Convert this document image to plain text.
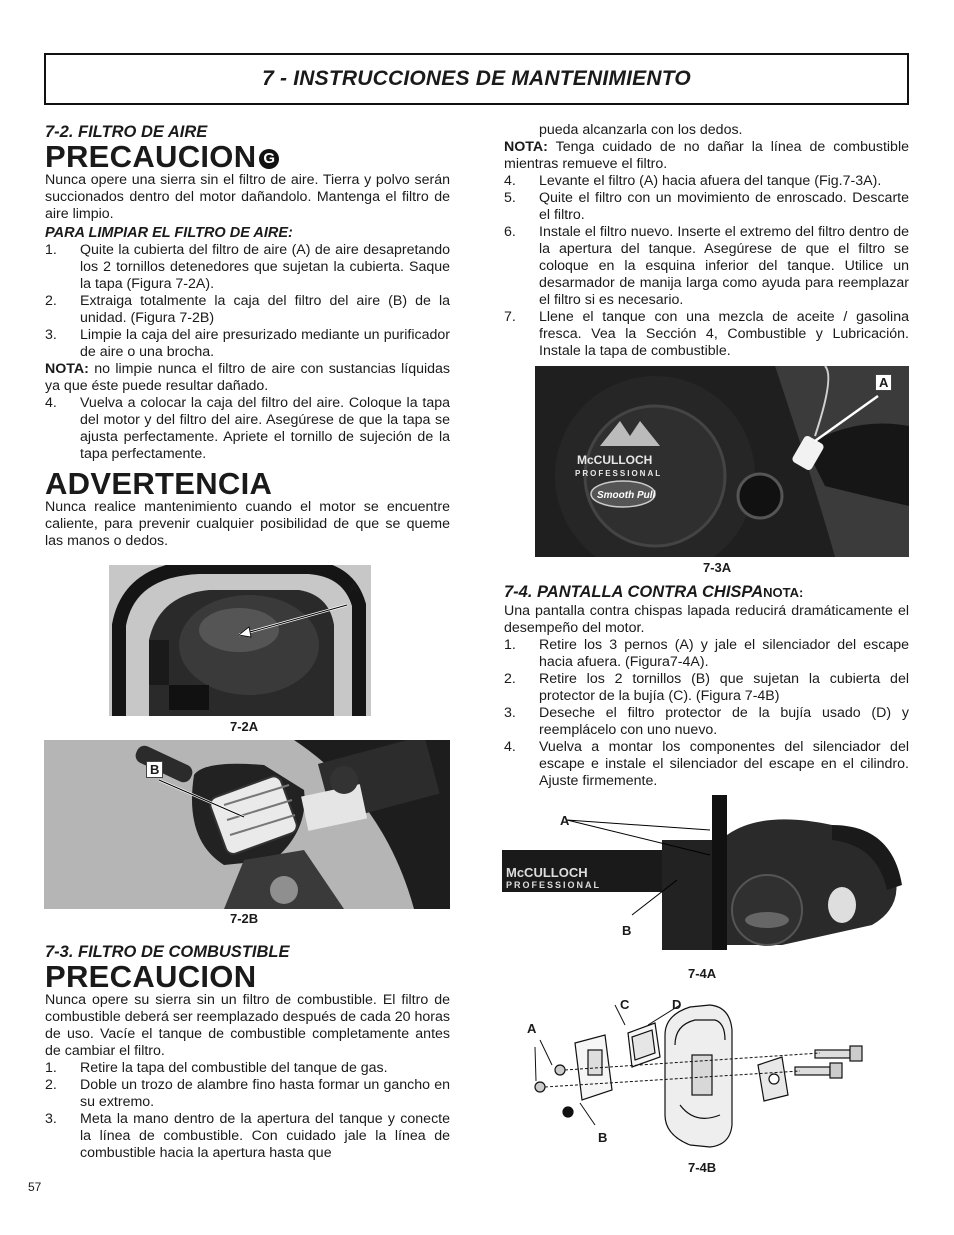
7 - INSTRUCCIONES DE MANTENIMIENTO
7-2. FILTRO DE AIRE
PRECAUCION G

Nunca opere una sierra sin el filtro de aire. Tierra y polvo serán succionados dentro del motor dañandolo. Mantenga el filtro de aire limpio.

PARA LIMPIAR EL FILTRO DE AIRE:
1.	Quite la cubierta del filtro de aire (A) de aire desapretando los 2 tornillos detenedores que sujetan la cubierta. Saque la tapa (Figura 7-2A).
2.	Extraiga totalmente la caja del filtro del aire (B) de la unidad. (Figura 7-2B)
3.	Limpie la caja del aire presurizado mediante un purificador de aire o una brocha.

NOTA: no limpie nunca el filtro de aire con sustancias líquidas ya que éste puede resultar dañado.

4.	Vuelva a colocar la caja del filtro del aire. Coloque la tapa del motor y del filtro del aire. Asegúrese de que la tapa se ajusta perfectamente. Apriete el tornillo de sujeción de la tapa perfectamente.
ADVERTENCIA

Nunca realice mantenimiento cuando el motor se encuentre caliente, para prevenir cualquier posibilidad de que se queme las manos o dedos.

A
7-2A
B
7-2B
7-3. FILTRO DE COMBUSTIBLE
PRECAUCION

Nunca opere su sierra sin un filtro de combustible. El filtro de combustible deberá ser reemplazado después de cada 20 horas de uso. Vacíe el tanque de combustible completamente antes de cambiar el filtro.

1.	Retire la tapa del combustible del tanque de gas.
2.	Doble un trozo de alambre fino hasta formar un gancho en su extremo.
3.	Meta la mano dentro de la apertura del tanque y conecte la línea de combustible. Con cuidado jale la línea de combustible hacia la apertura hasta que
pueda alcanzarla con los dedos.

NOTA: Tenga cuidado de no dañar la línea de combustible mientras remueve el filtro.

4.	Levante el filtro (A) hacia afuera del tanque (Fig.7-3A).
5.	Quite el filtro con un movimiento de enroscado. Descarte el filtro.
6.	Instale el filtro nuevo. Inserte el extremo del filtro dentro de la apertura del tanque. Asegúrese de que el filtro se coloque en la esquina inferior del tanque. Utilice un desarmador de manija larga como ayuda para reemplazar el filtro si es necesario.
7.	Llene el tanque con una mezcla de aceite / gasolina fresca. Vea la Sección 4, Combustible y Lubricación. Instale la tapa de combustible.
McCULLOCH
PROFESSIONAL
Smooth Pull
A
7-3A
7-4. PANTALLA CONTRA CHISPA NOTA:

Una pantalla contra chispas lapada reducirá dramáticamente el desempeño del motor.

1.	Retire los 3 pernos (A) y jale el silenciador del escape hacia afuera. (Figura7-4A).
2.	Retire los 2 tornillos (B) que sujetan la cubierta del protector de la bujía (C). (Figura 7-4B)
3.	Deseche el filtro protector de la bujía usado (D) y reemplácelo con uno nuevo.
4.	Vuelva a montar los componentes del silenciador del escape e instale el silenciador del escape en el cilindro. Ajuste firmemente.
McCULLOCH
PROFESSIONAL
A
B
7-4A
C	D
A
B
7-4B
57
